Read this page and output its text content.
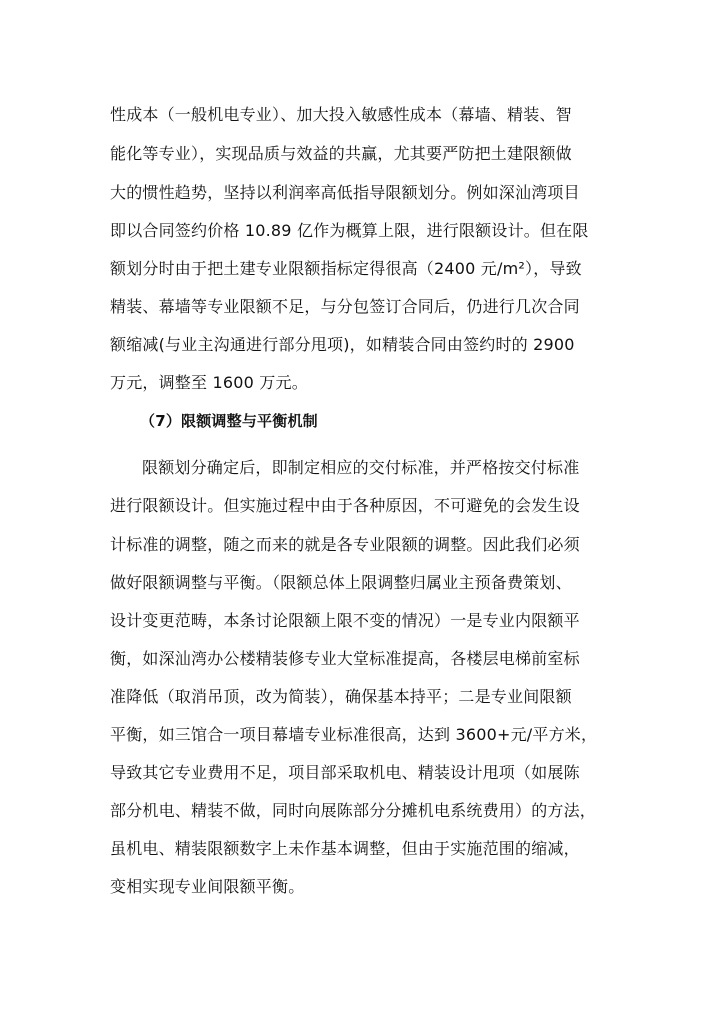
性成本（一般机电专业）、加大投入敏感性成本（幕墙、精装、智
能化等专业），实现品质与效益的共赢，尤其要严防把土建限额做
大的惯性趋势，坚持以利润率高低指导限额划分。例如深汕湾项目
即以合同签约价格 10.89 亿作为概算上限，进行限额设计。但在限
额划分时由于把土建专业限额指标定得很高（2400 元/m²），导致
精装、幕墙等专业限额不足，与分包签订合同后，仍进行几次合同
额缩减(与业主沟通进行部分甩项)，如精装合同由签约时的 2900
万元，调整至 1600 万元。
（7）限额调整与平衡机制
限额划分确定后，即制定相应的交付标准，并严格按交付标准
进行限额设计。但实施过程中由于各种原因，不可避免的会发生设
计标准的调整，随之而来的就是各专业限额的调整。因此我们必须
做好限额调整与平衡。（限额总体上限调整归属业主预备费策划、
设计变更范畴，本条讨论限额上限不变的情况）一是专业内限额平
衡，如深汕湾办公楼精装修专业大堂标准提高，各楼层电梯前室标
准降低（取消吊顶，改为简装），确保基本持平；二是专业间限额
平衡，如三馆合一项目幕墙专业标准很高，达到 3600+元/平方米，
导致其它专业费用不足，项目部采取机电、精装设计甩项（如展陈
部分机电、精装不做，同时向展陈部分分摊机电系统费用）的方法，
虽机电、精装限额数字上未作基本调整，但由于实施范围的缩减，
变相实现专业间限额平衡。
